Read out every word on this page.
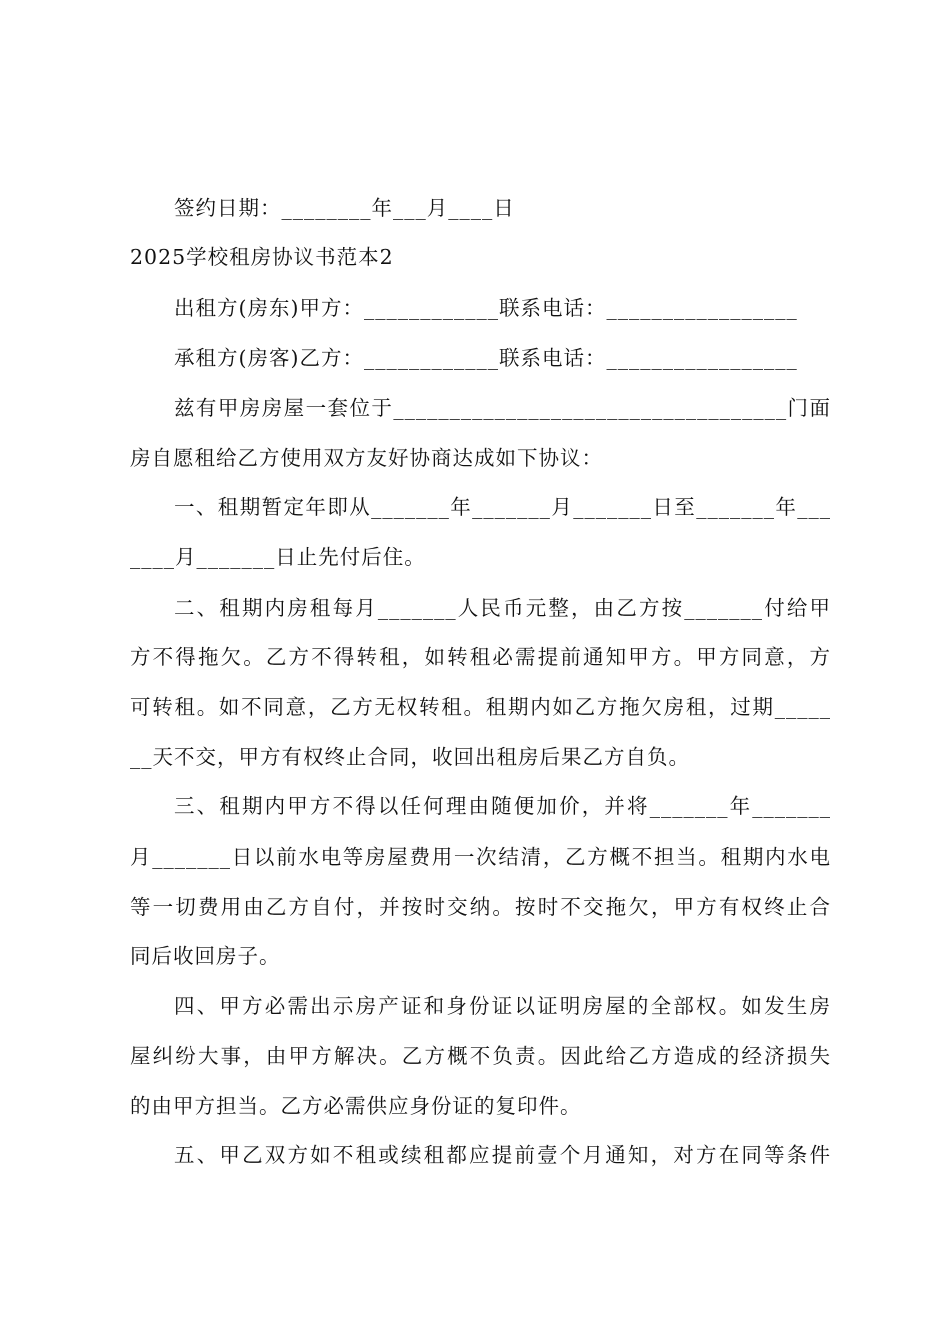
签约日期：________年___月____日
2025学校租房协议书范本2
出租方(房东)甲方：____________联系电话：_________________
承租方(房客)乙方：____________联系电话：_________________
兹有甲房房屋一套位于___________________________________门面
房自愿租给乙方使用双方友好协商达成如下协议：
一、租期暂定年即从_______年_______月_______日至_______年___
____月_______日止先付后住。
二、租期内房租每月_______人民币元整，由乙方按_______付给甲
方不得拖欠。乙方不得转租，如转租必需提前通知甲方。甲方同意，方
可转租。如不同意，乙方无权转租。租期内如乙方拖欠房租，过期_____
__天不交，甲方有权终止合同，收回出租房后果乙方自负。
三、租期内甲方不得以任何理由随便加价，并将_______年_______
月_______日以前水电等房屋费用一次结清，乙方概不担当。租期内水电
等一切费用由乙方自付，并按时交纳。按时不交拖欠，甲方有权终止合
同后收回房子。
四、甲方必需出示房产证和身份证以证明房屋的全部权。如发生房
屋纠纷大事，由甲方解决。乙方概不负责。因此给乙方造成的经济损失
的由甲方担当。乙方必需供应身份证的复印件。
五、甲乙双方如不租或续租都应提前壹个月通知，对方在同等条件
